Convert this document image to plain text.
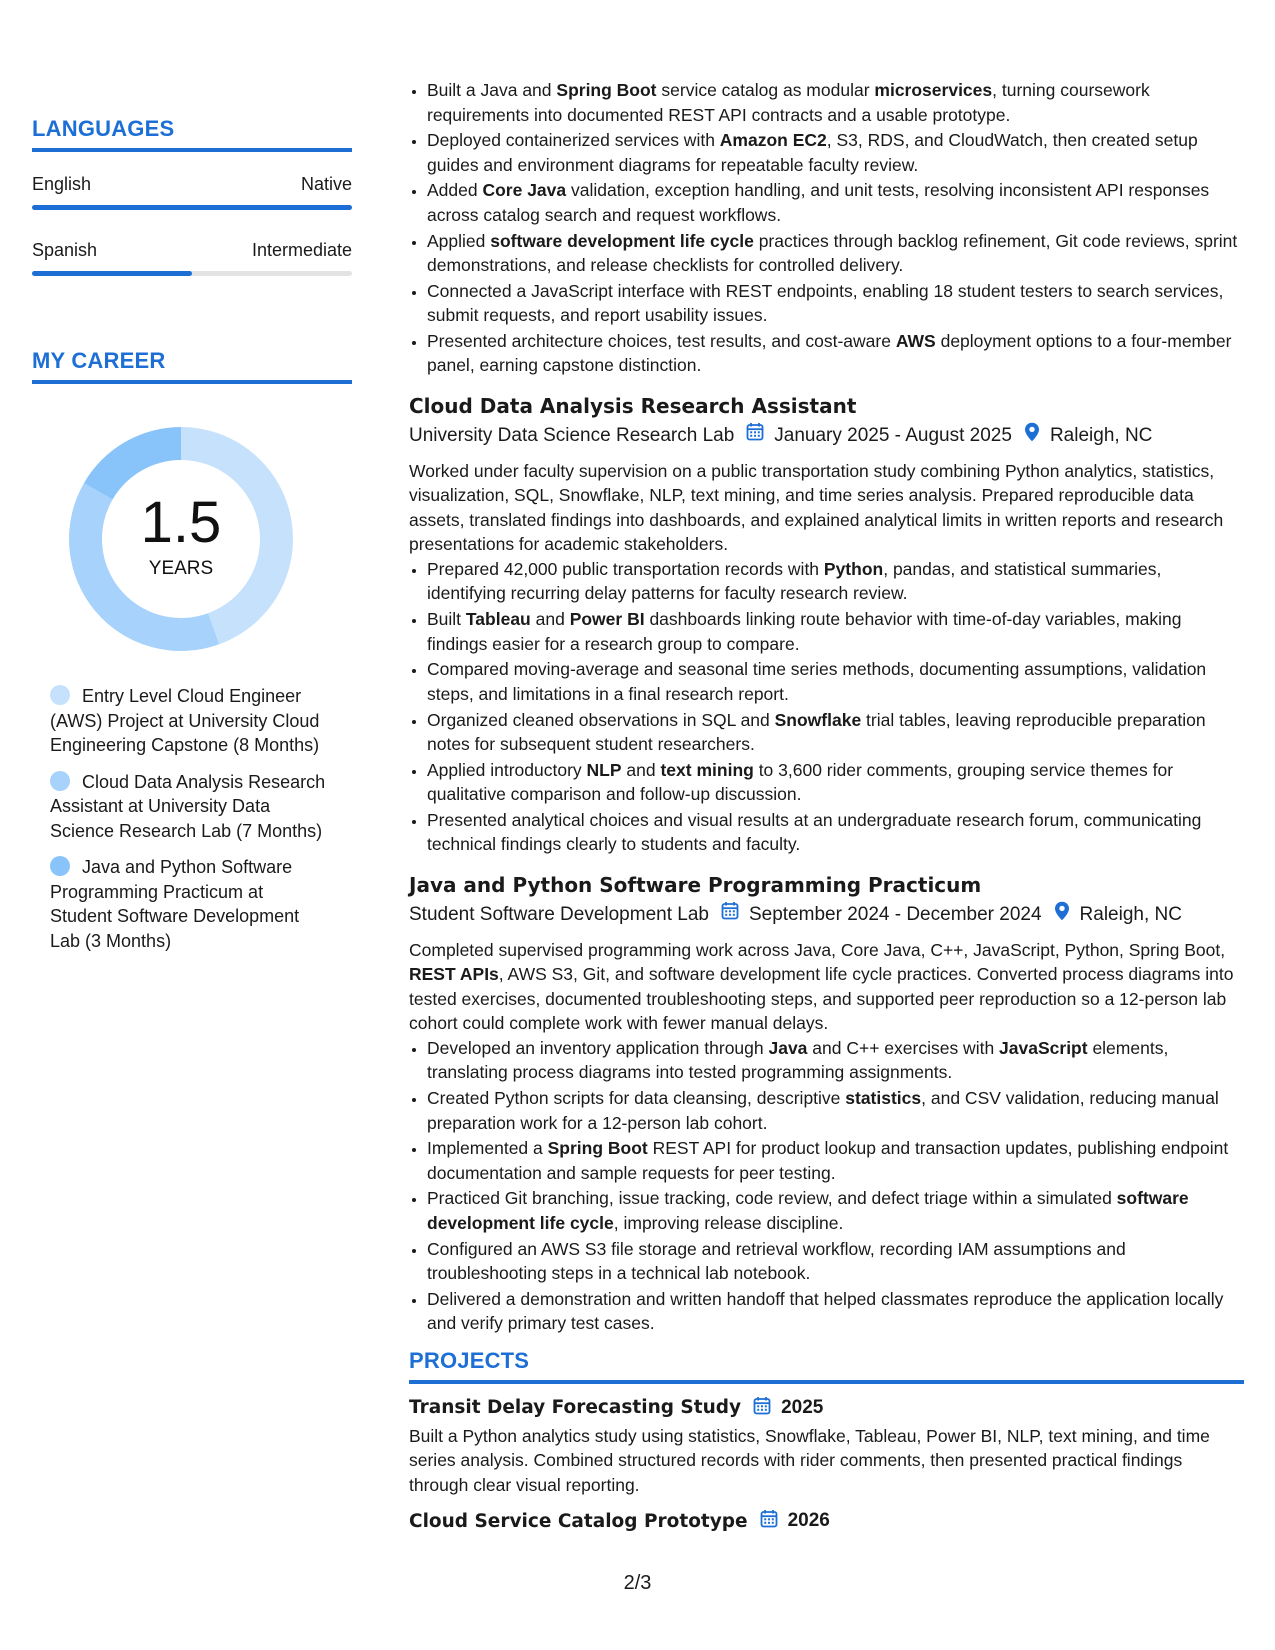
LANGUAGES
English	Native
Spanish	Intermediate
MY CAREER
1.5
YEARS
Entry Level Cloud Engineer (AWS) Project at University Cloud Engineering Capstone (8 Months)
Cloud Data Analysis Research Assistant at University Data Science Research Lab (7 Months)
Java and Python Software Programming Practicum at Student Software Development Lab (3 Months)
• Built a Java and Spring Boot service catalog as modular microservices, turning coursework requirements into documented REST API contracts and a usable prototype.
• Deployed containerized services with Amazon EC2, S3, RDS, and CloudWatch, then created setup guides and environment diagrams for repeatable faculty review.
• Added Core Java validation, exception handling, and unit tests, resolving inconsistent API responses across catalog search and request workflows.
• Applied software development life cycle practices through backlog refinement, Git code reviews, sprint demonstrations, and release checklists for controlled delivery.
• Connected a JavaScript interface with REST endpoints, enabling 18 student testers to search services, submit requests, and report usability issues.
• Presented architecture choices, test results, and cost-aware AWS deployment options to a four-member panel, earning capstone distinction.
Cloud Data Analysis Research Assistant
University Data Science Research Lab January 2025 - August 2025 Raleigh, NC
Worked under faculty supervision on a public transportation study combining Python analytics, statistics, visualization, SQL, Snowflake, NLP, text mining, and time series analysis. Prepared reproducible data assets, translated findings into dashboards, and explained analytical limits in written reports and research presentations for academic stakeholders.
• Prepared 42,000 public transportation records with Python, pandas, and statistical summaries, identifying recurring delay patterns for faculty research review.
• Built Tableau and Power BI dashboards linking route behavior with time-of-day variables, making findings easier for a research group to compare.
• Compared moving-average and seasonal time series methods, documenting assumptions, validation steps, and limitations in a final research report.
• Organized cleaned observations in SQL and Snowflake trial tables, leaving reproducible preparation notes for subsequent student researchers.
• Applied introductory NLP and text mining to 3,600 rider comments, grouping service themes for qualitative comparison and follow-up discussion.
• Presented analytical choices and visual results at an undergraduate research forum, communicating technical findings clearly to students and faculty.
Java and Python Software Programming Practicum
Student Software Development Lab September 2024 - December 2024 Raleigh, NC
Completed supervised programming work across Java, Core Java, C++, JavaScript, Python, Spring Boot, REST APIs, AWS S3, Git, and software development life cycle practices. Converted process diagrams into tested exercises, documented troubleshooting steps, and supported peer reproduction so a 12-person lab cohort could complete work with fewer manual delays.
• Developed an inventory application through Java and C++ exercises with JavaScript elements, translating process diagrams into tested programming assignments.
• Created Python scripts for data cleansing, descriptive statistics, and CSV validation, reducing manual preparation work for a 12-person lab cohort.
• Implemented a Spring Boot REST API for product lookup and transaction updates, publishing endpoint documentation and sample requests for peer testing.
• Practiced Git branching, issue tracking, code review, and defect triage within a simulated software development life cycle, improving release discipline.
• Configured an AWS S3 file storage and retrieval workflow, recording IAM assumptions and troubleshooting steps in a technical lab notebook.
• Delivered a demonstration and written handoff that helped classmates reproduce the application locally and verify primary test cases.
PROJECTS
Transit Delay Forecasting Study 2025
Built a Python analytics study using statistics, Snowflake, Tableau, Power BI, NLP, text mining, and time series analysis. Combined structured records with rider comments, then presented practical findings through clear visual reporting.
Cloud Service Catalog Prototype 2026
2/3
